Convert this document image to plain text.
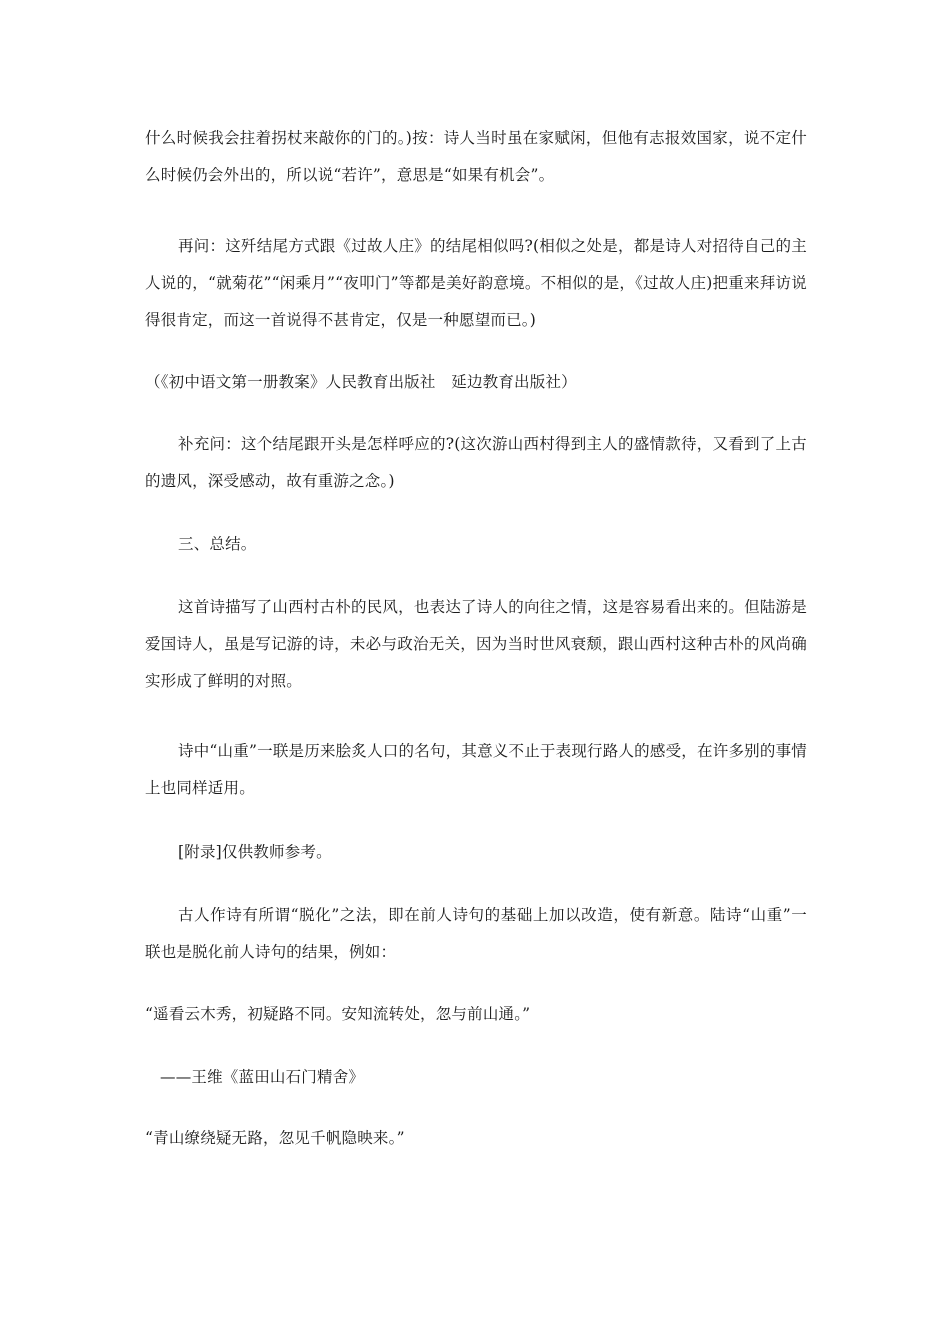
什么时候我会拄着拐杖来敲你的门的。)按：诗人当时虽在家赋闲，但他有志报效国家，说不定什么时候仍会外出的，所以说“若许”，意思是“如果有机会”。

再问：这歼结尾方式跟《过故人庄》的结尾相似吗?(相似之处是，都是诗人对招待自己的主人说的，“就菊花”“闲乘月”“夜叩门”等都是美好韵意境。不相似的是，《过故人庄)把重来拜访说得很肯定，而这一首说得不甚肯定，仅是一种愿望而已。)

（《初中语文第一册教案》人民教育出版社　延边教育出版社）

补充问：这个结尾跟开头是怎样呼应的?(这次游山西村得到主人的盛情款待，又看到了上古的遗风，深受感动，故有重游之念。)

三、总结。

这首诗描写了山西村古朴的民风，也表达了诗人的向往之情，这是容易看出来的。但陆游是爱国诗人，虽是写记游的诗，未必与政治无关，因为当时世风衰颓，跟山西村这种古朴的风尚确实形成了鲜明的对照。

诗中“山重”一联是历来脍炙人口的名句，其意义不止于表现行路人的感受，在许多别的事情上也同样适用。

[附录]仅供教师参考。

古人作诗有所谓“脱化”之法，即在前人诗句的基础上加以改造，使有新意。陆诗“山重”一联也是脱化前人诗句的结果，例如：

“遥看云木秀，初疑路不同。安知流转处，忽与前山通。”

——王维《蓝田山石门精舍》

“青山缭绕疑无路，忽见千帆隐映来。”
